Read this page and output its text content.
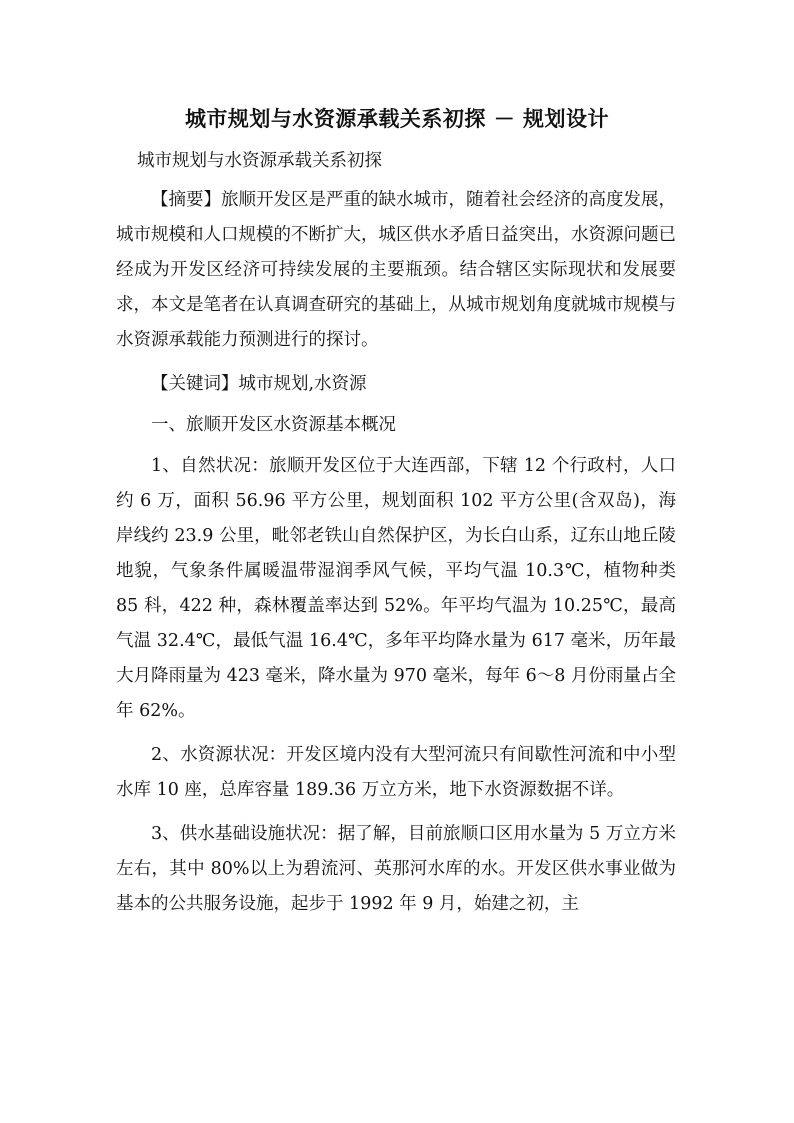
城市规划与水资源承载关系初探 － 规划设计
城市规划与水资源承载关系初探

【摘要】旅顺开发区是严重的缺水城市，随着社会经济的高度发展，城市规模和人口规模的不断扩大，城区供水矛盾日益突出，水资源问题已经成为开发区经济可持续发展的主要瓶颈。结合辖区实际现状和发展要求，本文是笔者在认真调查研究的基础上，从城市规划角度就城市规模与水资源承载能力预测进行的探讨。

【关键词】城市规划,水资源

一、旅顺开发区水资源基本概况

1、自然状况：旅顺开发区位于大连西部，下辖 12 个行政村，人口约 6 万，面积 56.96 平方公里，规划面积 102 平方公里(含双岛)，海岸线约 23.9 公里，毗邻老铁山自然保护区，为长白山系，辽东山地丘陵地貌，气象条件属暖温带湿润季风气候，平均气温 10.3℃，植物种类 85 科，422 种，森林覆盖率达到 52%。年平均气温为 10.25℃，最高气温 32.4℃，最低气温 16.4℃，多年平均降水量为 617 毫米，历年最大月降雨量为 423 毫米，降水量为 970 毫米，每年 6～8 月份雨量占全年 62%。

2、水资源状况：开发区境内没有大型河流只有间歇性河流和中小型水库 10 座，总库容量 189.36 万立方米，地下水资源数据不详。

3、供水基础设施状况：据了解，目前旅顺口区用水量为 5 万立方米左右，其中 80%以上为碧流河、英那河水库的水。开发区供水事业做为基本的公共服务设施，起步于 1992 年 9 月，始建之初，主
